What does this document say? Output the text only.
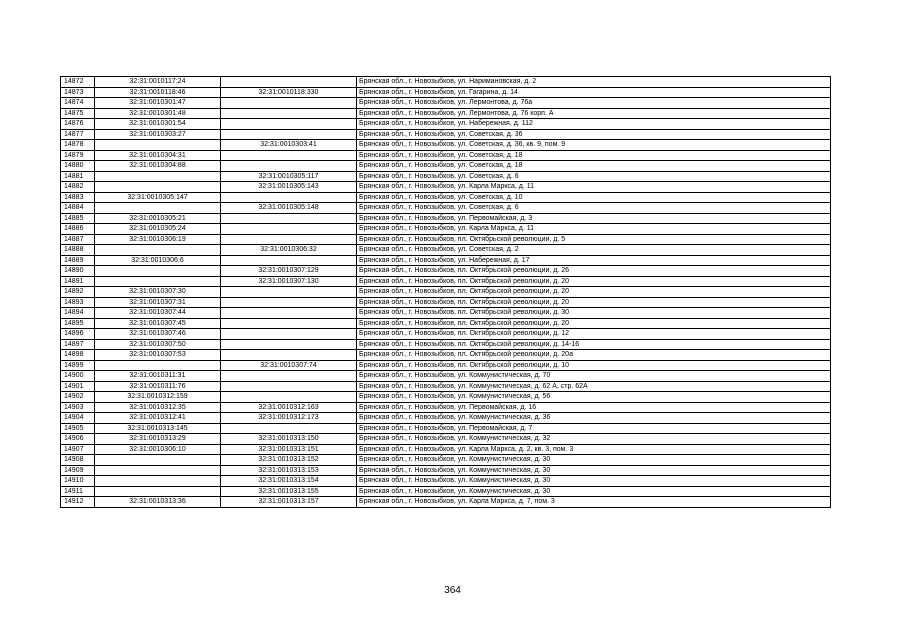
14872	32:31:0010117:24		Брянская обл., г. Новозыбков, ул. Наримановская, д. 2
14873	32:31:0010118:46	32:31:0010118:330	Брянская обл., г. Новозыбков, ул. Гагарина, д. 14
14874	32:31:0010301:47		Брянская обл., г. Новозыбков, ул. Лермонтова, д. 76а
14875	32:31:0010301:48		Брянская обл., г. Новозыбков, ул. Лермонтова, д. 76 корп. А
14876	32:31:0010301:54		Брянская обл., г. Новозыбков, ул. Набережная, д. 112
14877	32:31:0010303:27		Брянская обл., г. Новозыбков, ул. Советская, д. 36
14878		32:31:0010303:41	Брянская обл., г. Новозыбков, ул. Советская, д. 36, кв. 9, пом. 9
14879	32:31:0010304:31		Брянская обл., г. Новозыбков, ул. Советская, д. 18
14880	32:31:0010304:88		Брянская обл., г. Новозыбков, ул. Советская, д. 18
14881		32:31:0010305:117	Брянская обл., г. Новозыбков, ул. Советская, д. 6
14882		32:31:0010305:143	Брянская обл., г. Новозыбков, ул. Карла Маркса, д. 11
14883	32:31:0010305:147		Брянская обл., г. Новозыбков, ул. Советская, д. 10
14884		32:31:0010305:148	Брянская обл., г. Новозыбков, ул. Советская, д. 6
14885	32:31:0010305:21		Брянская обл., г. Новозыбков, ул. Первомайская, д. 3
14886	32:31:0010305:24		Брянская обл., г. Новозыбков, ул. Карла Маркса, д. 11
14887	32:31:0010306:19		Брянская обл., г. Новозыбков, пл. Октябрьской революции, д. 5
14888		32:31:0010306:32	Брянская обл., г. Новозыбков, ул. Советская, д. 2
14889	32:31:0010306:6		Брянская обл., г. Новозыбков, ул. Набережная, д. 17
14890		32:31:0010307:129	Брянская обл., г. Новозыбков, пл. Октябрьской революции, д. 26
14891		32:31:0010307:130	Брянская обл., г. Новозыбков, пл. Октябрьской революции, д. 20
14892	32:31:0010307:30		Брянская обл., г. Новозыбков, пл. Октябрьской революции, д. 20
14893	32:31:0010307:31		Брянская обл., г. Новозыбков, пл. Октябрьской революции, д. 20
14894	32:31:0010307:44		Брянская обл., г. Новозыбков, пл. Октябрьской революции, д. 30
14895	32:31:0010307:45		Брянская обл., г. Новозыбков, пл. Октябрьской революции, д. 20
14896	32:31:0010307:46		Брянская обл., г. Новозыбков, пл. Октябрьской революции, д. 12
14897	32:31:0010307:50		Брянская обл., г. Новозыбков, пл. Октябрьской революции, д. 14-16
14898	32:31:0010307:53		Брянская обл., г. Новозыбков, пл. Октябрьской революции, д. 20а
14899		32:31:0010307:74	Брянская обл., г. Новозыбков, пл. Октябрьской революции, д. 10
14900	32:31:0010311:31		Брянская обл., г. Новозыбков, ул. Коммунистическая, д. 70
14901	32:31:0010311:76		Брянская обл., г. Новозыбков, ул. Коммунистическая, д. 62 А, стр. 62А
14902	32:31:0010312:159		Брянская обл., г. Новозыбков, ул. Коммунистическая, д. 56
14903	32:31:0010312:35	32:31:0010312:163	Брянская обл., г. Новозыбков, ул. Первомайская, д. 16
14904	32:31:0010312:41	32:31:0010312:173	Брянская обл., г. Новозыбков, ул. Коммунистическая, д. 36
14905	32:31:0010313:145		Брянская обл., г. Новозыбков, ул. Первомайская, д. 7
14906	32:31:0010313:29	32:31:0010313:150	Брянская обл., г. Новозыбков, ул. Коммунистическая, д. 32
14907	32:31:0010306:10	32:31:0010313:151	Брянская обл., г. Новозыбков, ул. Карла Маркса, д. 2, кв. 3, пом. 3
14908		32:31:0010313:152	Брянская обл., г. Новозыбков, ул. Коммунистическая, д. 30
14909		32:31:0010313:153	Брянская обл., г. Новозыбков, ул. Коммунистическая, д. 30
14910		32:31:0010313:154	Брянская обл., г. Новозыбков, ул. Коммунистическая, д. 30
14911		32:31:0010313:155	Брянская обл., г. Новозыбков, ул. Коммунистическая, д. 30
14912	32:31:0010313:36	32:31:0010313:157	Брянская обл., г. Новозыбков, ул. Карла Маркса, д. 7, пом. 3
364
